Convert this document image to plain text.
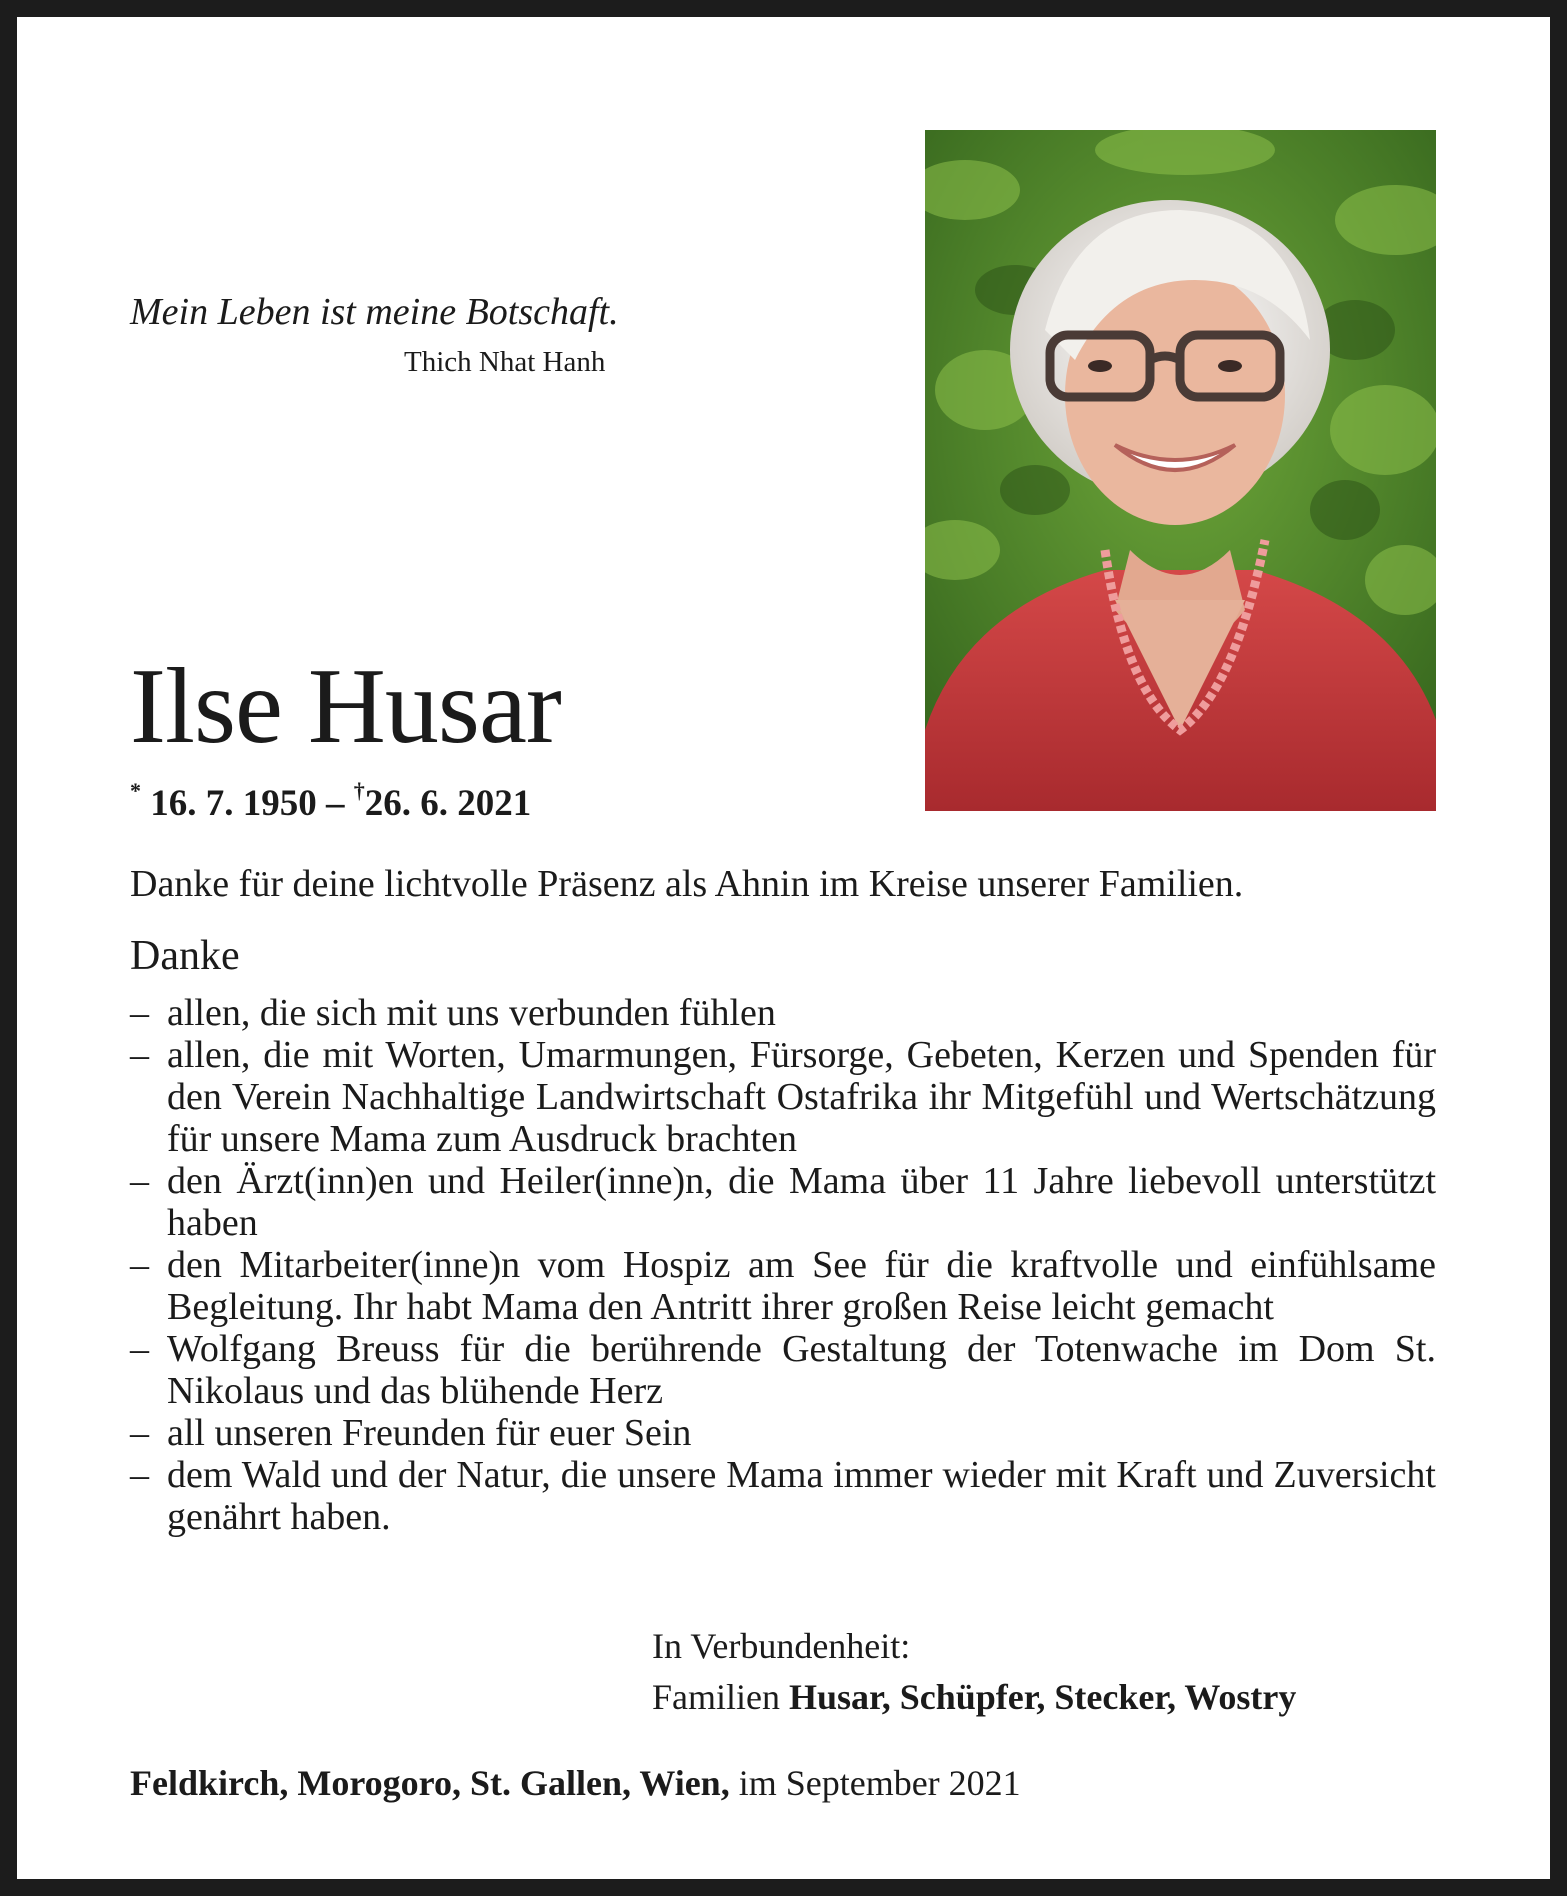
Mein Leben ist meine Botschaft.
Thich Nhat Hanh
Ilse Husar
* 16. 7. 1950 – †26. 6. 2021
Danke für deine lichtvolle Präsenz als Ahnin im Kreise unserer Familien.
Danke
– allen, die sich mit uns verbunden fühlen
– allen, die mit Worten, Umarmungen, Fürsorge, Gebeten, Kerzen und Spenden für den Verein Nachhaltige Landwirtschaft Ostafrika ihr Mitgefühl und Wertschätzung für unsere Mama zum Ausdruck brachten
– den Ärzt(inn)en und Heiler(inne)n, die Mama über 11 Jahre liebevoll unterstützt haben
– den Mitarbeiter(inne)n vom Hospiz am See für die kraftvolle und einfühlsame Begleitung. Ihr habt Mama den Antritt ihrer großen Reise leicht gemacht
– Wolfgang Breuss für die berührende Gestaltung der Totenwache im Dom St. Nikolaus und das blühende Herz
– all unseren Freunden für euer Sein
– dem Wald und der Natur, die unsere Mama immer wieder mit Kraft und Zuversicht genährt haben.
In Verbundenheit:
Familien Husar, Schüpfer, Stecker, Wostry
Feldkirch, Morogoro, St. Gallen, Wien, im September 2021
